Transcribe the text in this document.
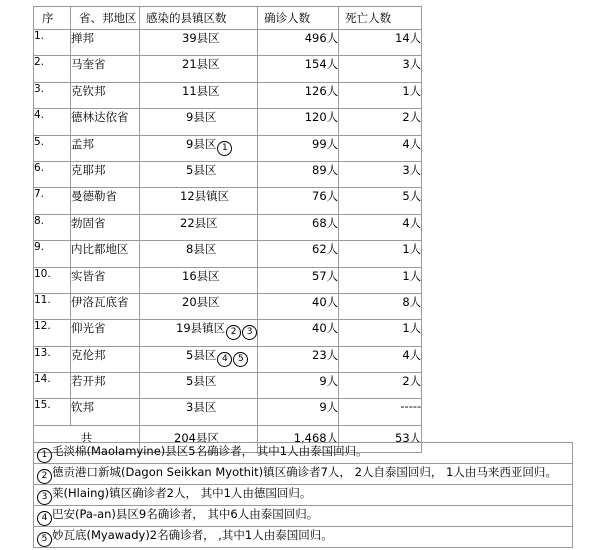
序	省、邦地区	感染的县镇区数	确诊人数	死亡人数
1.	掸邦	39县区	496人	14人
2.	马奎省	21县区	154人	3人
3.	克钦邦	11县区	126人	1人
4.	德林达依省	9县区	120人	2人
5.	孟邦	9县区 1	99人	4人
6.	克耶邦	5县区	89人	3人
7.	曼德勒省	12县镇区	76人	5人
8.	勃固省	22县区	68人	4人
9.	内比都地区	8县区	62人	1人
10.	实皆省	16县区	57人	1人
11.	伊洛瓦底省	20县区	40人	8人
12.	仰光省	19县镇区 2 3	40人	1人
13.	克伦邦	5县区 4 5	23人	4人
14.	若开邦	5县区	9人	2人
15.	钦邦	3县区	9人	-----
共		204县区	1,468人	53人
1 毛淡棉(Maolamyine)县区5名确诊者， 其中1人由泰国回归。
2 德贡港口新城(Dagon Seikkan Myothit)镇区确诊者7人， 2人自泰国回归， 1人由马来西亚回归。
3 莱(Hlaing)镇区确诊者2人， 其中1人由德国回归。
4 巴安(Pa-an)县区9名确诊者， 其中6人由泰国回归。
5 妙瓦底(Myawady)2名确诊者， ,其中1人由泰国回归。
